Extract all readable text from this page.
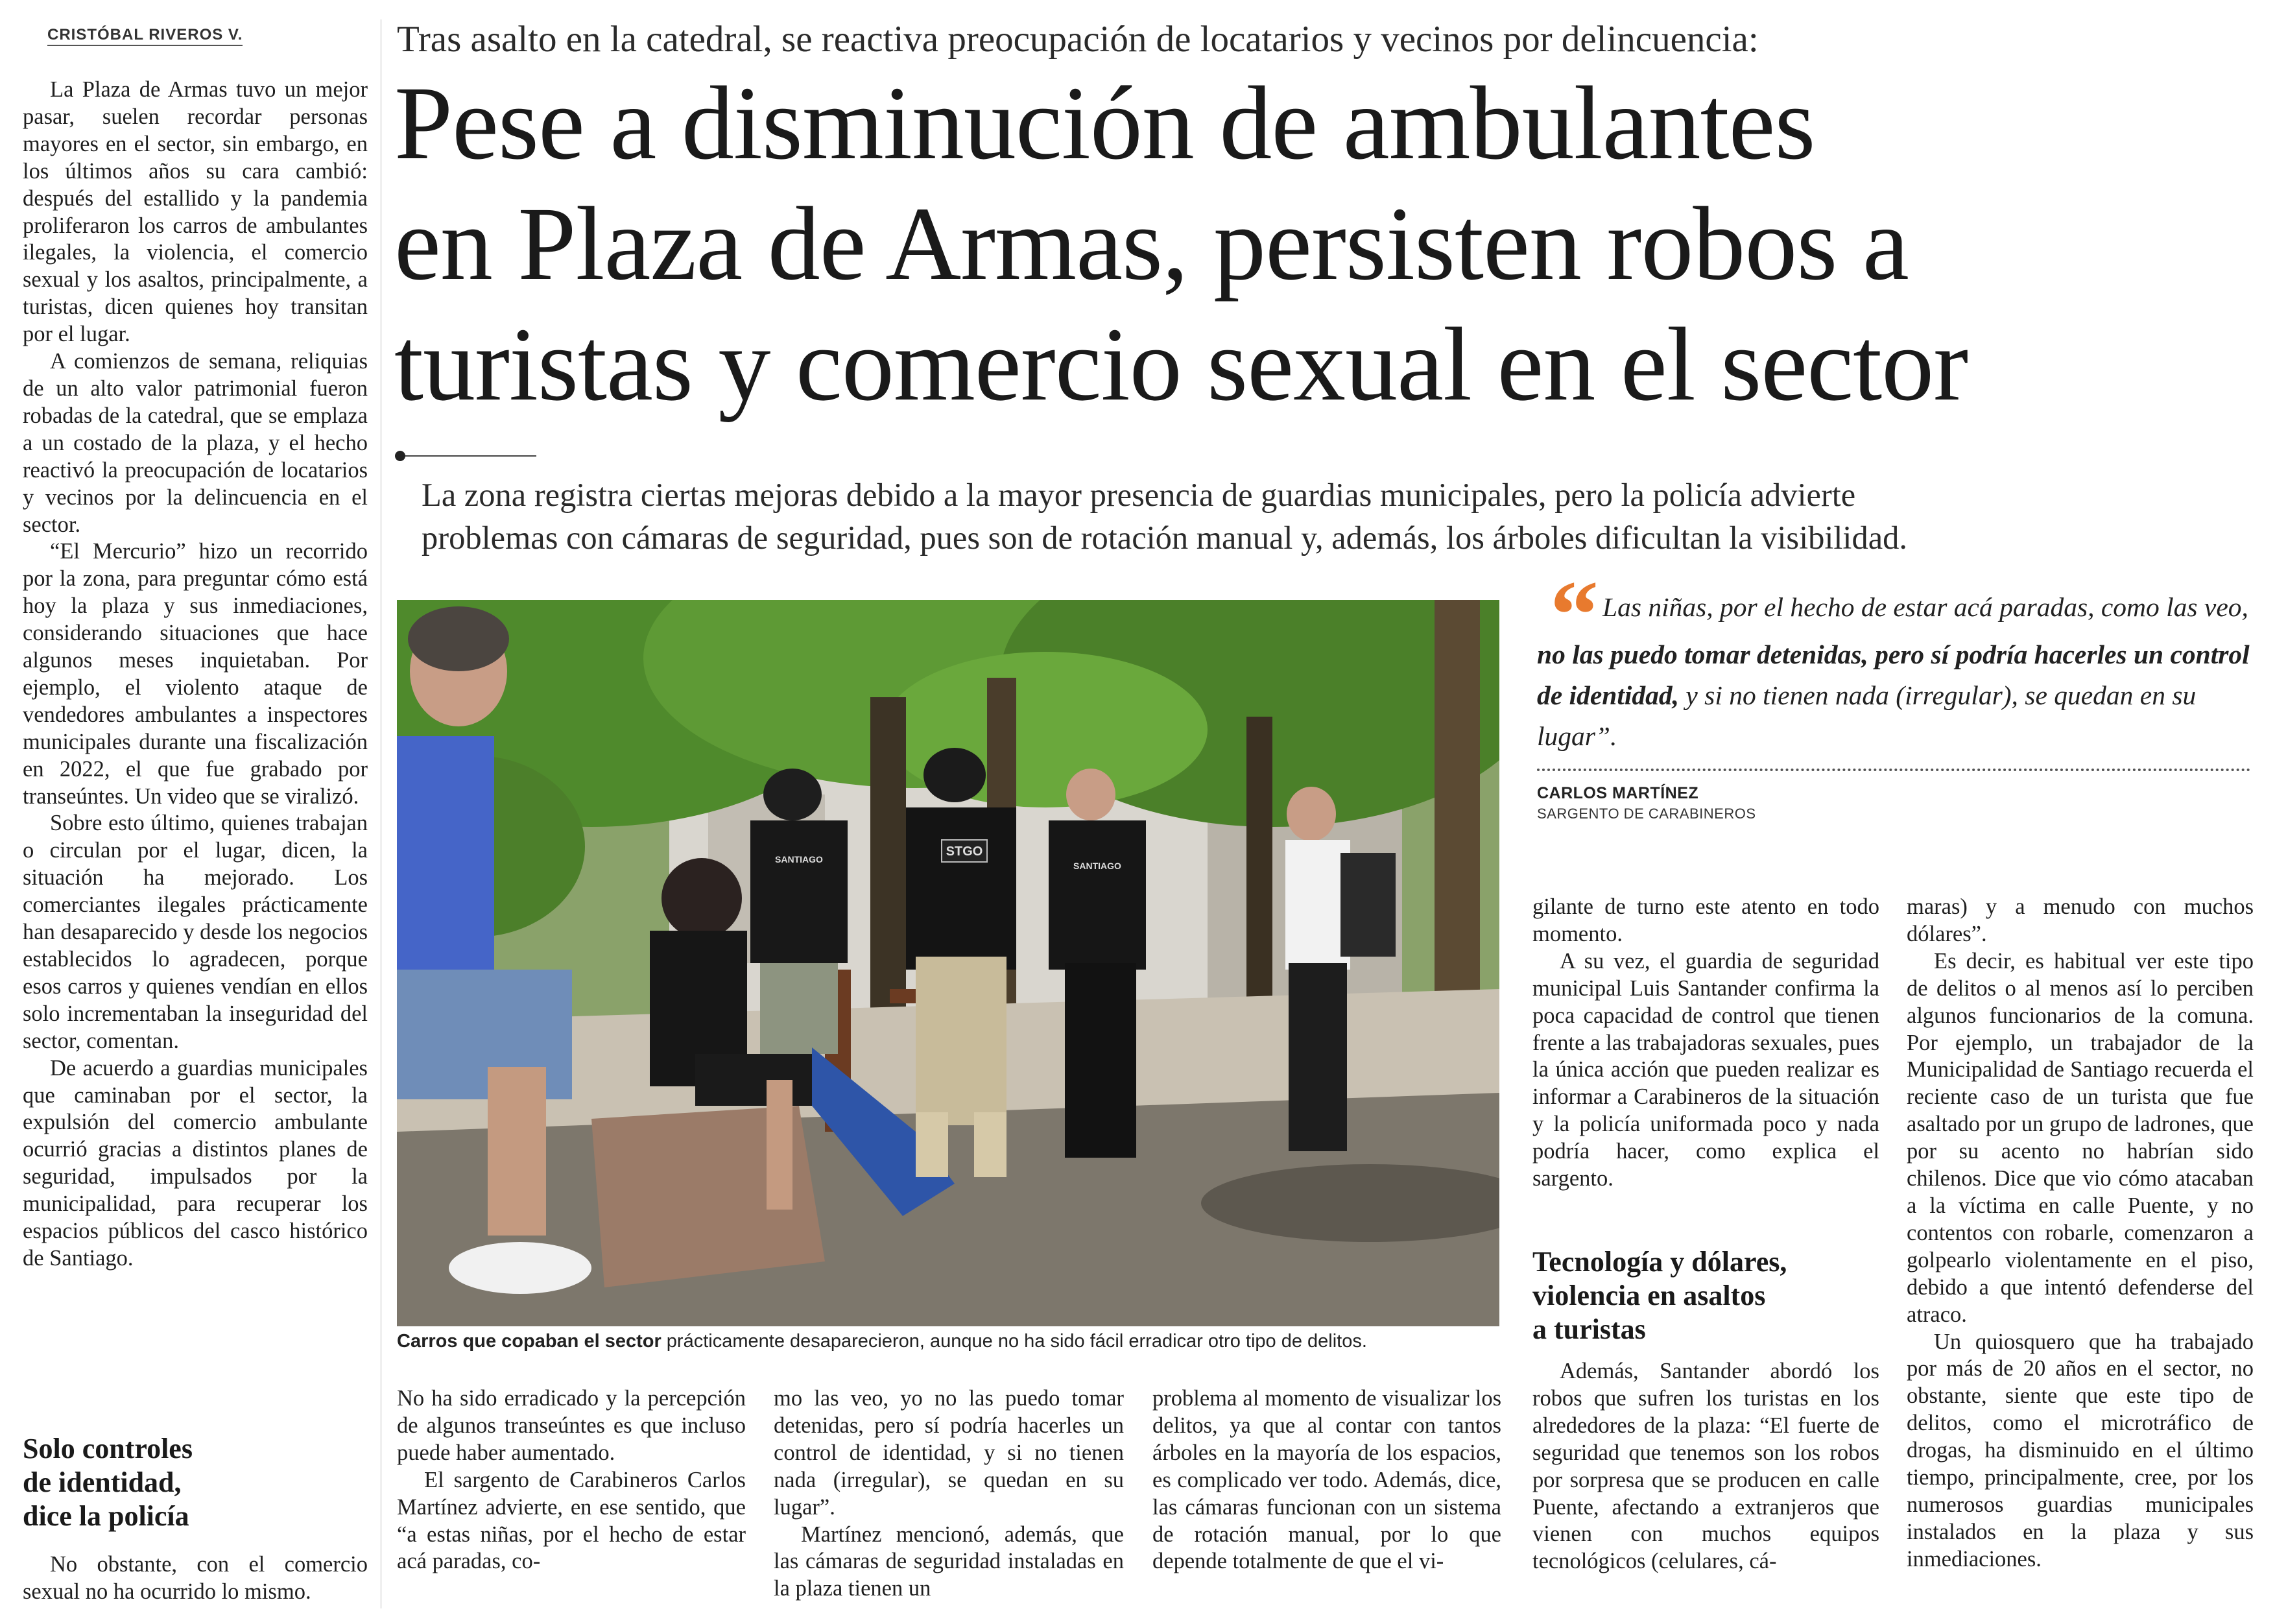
CRISTÓBAL RIVEROS V.

La Plaza de Armas tuvo un mejor pasar, suelen recordar personas mayores en el sector, sin embargo, en los últimos años su cara cambió: después del estallido y la pandemia proliferaron los carros de ambulantes ilegales, la violencia, el comercio sexual y los asaltos, principalmente, a turistas, dicen quienes hoy transitan por el lugar.

A comienzos de semana, reliquias de un alto valor patrimonial fueron robadas de la catedral, que se emplaza a un costado de la plaza, y el hecho reactivó la preocupación de locatarios y vecinos por la delincuencia en el sector.

“El Mercurio” hizo un recorrido por la zona, para preguntar cómo está hoy la plaza y sus inmediaciones, considerando situaciones que hace algunos meses inquietaban. Por ejemplo, el violento ataque de vendedores ambulantes a inspectores municipales durante una fiscalización en 2022, el que fue grabado por transeúntes. Un video que se viralizó.

Sobre esto último, quienes trabajan o circulan por el lugar, dicen, la situación ha mejorado. Los comerciantes ilegales prácticamente han desaparecido y desde los negocios establecidos lo agradecen, porque esos carros y quienes vendían en ellos solo incrementaban la inseguridad del sector, comentan.

De acuerdo a guardias municipales que caminaban por el sector, la expulsión del comercio ambulante ocurrió gracias a distintos planes de seguridad, impulsados por la municipalidad, para recuperar los espacios públicos del casco histórico de Santiago.

Solo controles
de identidad,
dice la policía

No obstante, con el comercio sexual no ha ocurrido lo mismo.

Tras asalto en la catedral, se reactiva preocupación de locatarios y vecinos por delincuencia:
Pese a disminución de ambulantes
en Plaza de Armas, persisten robos a
turistas y comercio sexual en el sector
La zona registra ciertas mejoras debido a la mayor presencia de guardias municipales, pero la policía advierte
problemas con cámaras de seguridad, pues son de rotación manual y, además, los árboles dificultan la visibilidad.
STGO
SANTIAGO
SANTIAGO
Carros que copaban el sector prácticamente desaparecieron, aunque no ha sido fácil erradicar otro tipo de delitos.

No ha sido erradicado y la percepción de algunos transeúntes es que incluso puede haber aumentado.

El sargento de Carabineros Carlos Martínez advierte, en ese sentido, que “a estas niñas, por el hecho de estar acá paradas, co-

mo las veo, yo no las puedo tomar detenidas, pero sí podría hacerles un control de identidad, y si no tienen nada (irregular), se quedan en su lugar”.

Martínez mencionó, además, que las cámaras de seguridad instaladas en la plaza tienen un

problema al momento de visualizar los delitos, ya que al contar con tantos árboles en la mayoría de los espacios, es complicado ver todo. Además, dice, las cámaras funcionan con un sistema de rotación manual, por lo que depende totalmente de que el vi-

“ Las niñas, por el hecho de estar acá paradas, como las veo, no las puedo tomar detenidas, pero sí podría hacerles un control de identidad, y si no tienen nada (irregular), se quedan en su lugar”.
CARLOS MARTÍNEZ
SARGENTO DE CARABINEROS

gilante de turno este atento en todo momento.

A su vez, el guardia de seguridad municipal Luis Santander confirma la poca capacidad de control que tienen frente a las trabajadoras sexuales, pues la única acción que pueden realizar es informar a Carabineros de la situación y la policía uniformada poco y nada podría hacer, como explica el sargento.

Tecnología y dólares,
violencia en asaltos
a turistas

Además, Santander abordó los robos que sufren los turistas en los alrededores de la plaza: “El fuerte de seguridad que tenemos son los robos por sorpresa que se producen en calle Puente, afectando a extranjeros que vienen con muchos equipos tecnológicos (celulares, cá-

maras) y a menudo con muchos dólares”.

Es decir, es habitual ver este tipo de delitos o al menos así lo perciben algunos funcionarios de la comuna. Por ejemplo, un trabajador de la Municipalidad de Santiago recuerda el reciente caso de un turista que fue asaltado por un grupo de ladrones, que por su acento no habrían sido chilenos. Dice que vio cómo atacaban a la víctima en calle Puente, y no contentos con robarle, comenzaron a golpearlo violentamente en el piso, debido a que intentó defenderse del atraco.

Un quiosquero que ha trabajado por más de 20 años en el sector, no obstante, siente que este tipo de delitos, como el microtráfico de drogas, ha disminuido en el último tiempo, principalmente, cree, por los numerosos guardias municipales instalados en la plaza y sus inmediaciones.
